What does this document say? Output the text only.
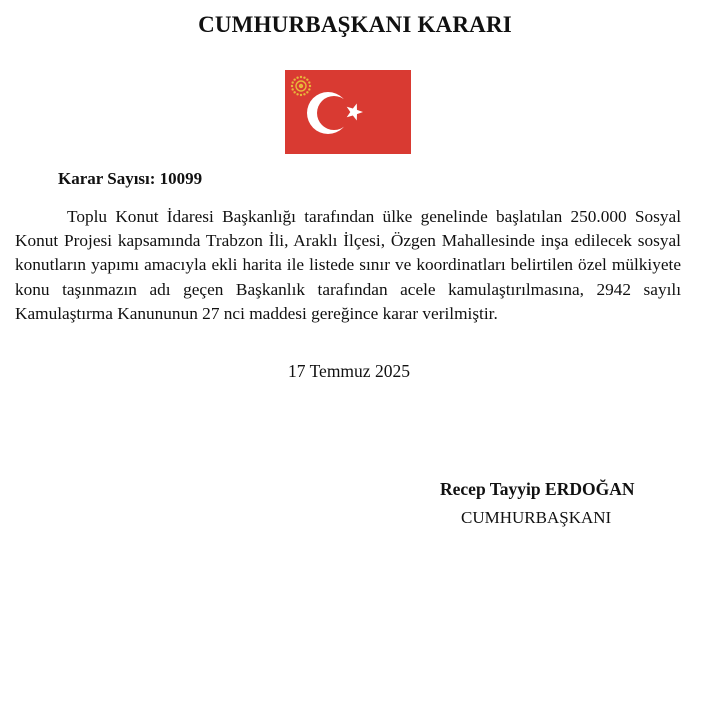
CUMHURBAŞKANI KARARI
Karar Sayısı: 10099

Toplu Konut İdaresi Başkanlığı tarafından ülke genelinde başlatılan 250.000 Sosyal Konut Projesi kapsamında Trabzon İli, Araklı İlçesi, Özgen Mahallesinde inşa edilecek sosyal konutların yapımı amacıyla ekli harita ile listede sınır ve koordinatları belirtilen özel mülkiyete konu taşınmazın adı geçen Başkanlık tarafından acele kamulaştırılmasına, 2942 sayılı Kamulaştırma Kanununun 27 nci maddesi gereğince karar verilmiştir.

17 Temmuz 2025
Recep Tayyip ERDOĞAN
CUMHURBAŞKANI
